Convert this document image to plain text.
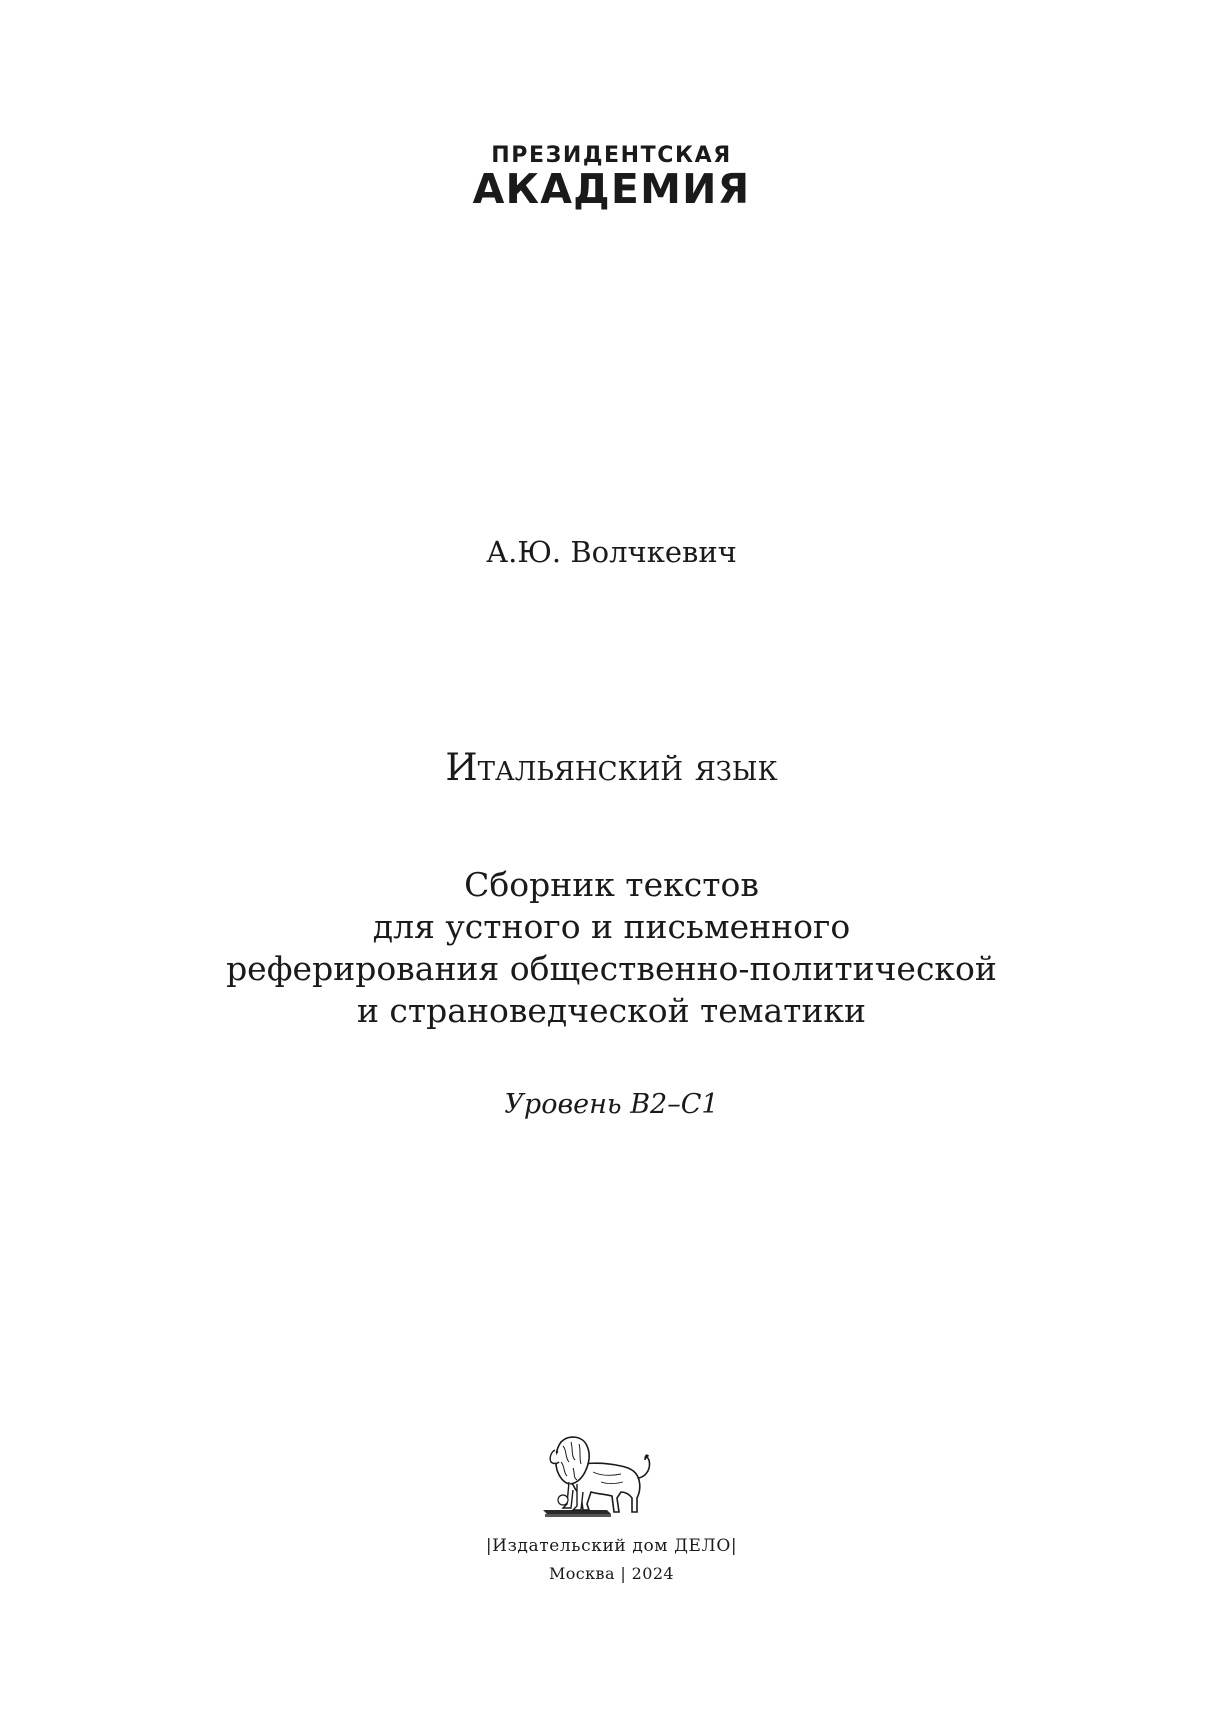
ПРЕЗИДЕНТСКАЯ
АКАДЕМИЯ
А.Ю. Волчкевич
Итальянский язык
Сборник текстов
для устного и письменного
реферирования общественно-политической
и страноведческой тематики
Уровень B2–C1
|Издательский дом ДЕЛО|
Москва | 2024
